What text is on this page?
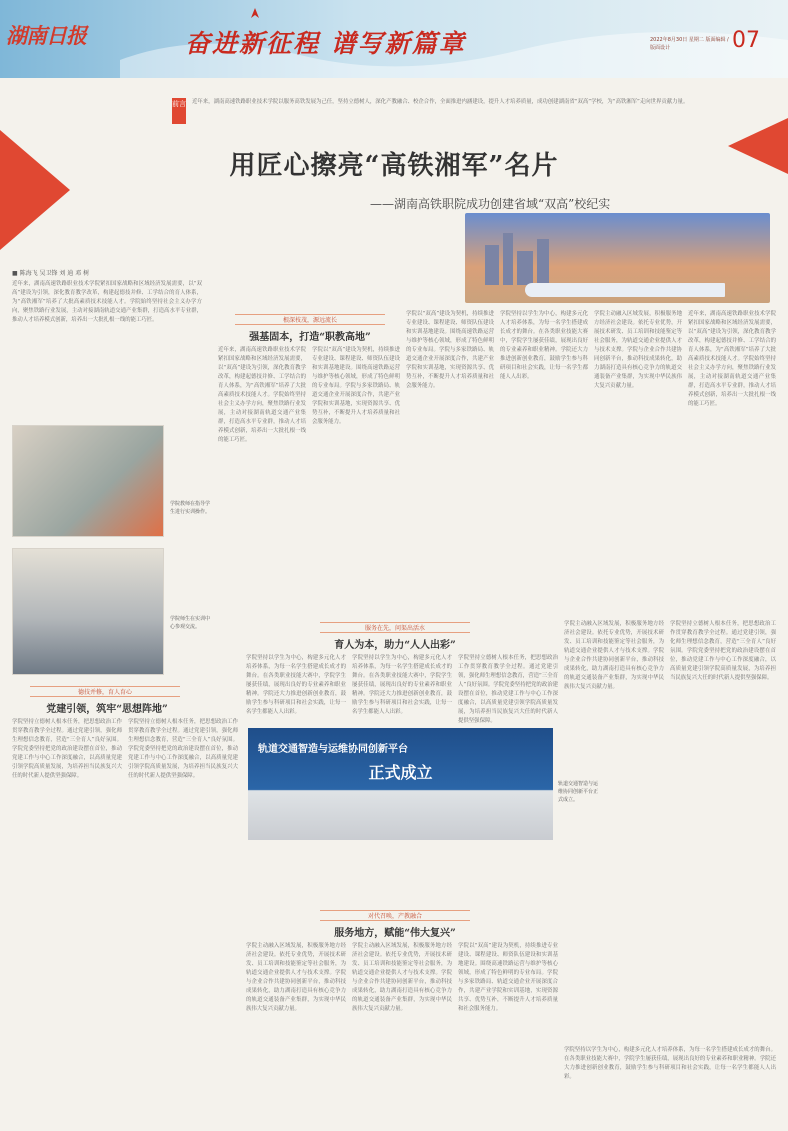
湖南日报	奋进新征程 谱写新篇章	2022年8月30日 星期二 版面编辑 / 版面设计	07
前言 近年来，湖南高速铁路职业技术学院以服务高铁发展为己任，坚持立德树人，深化产教融合、校企合作，全面推进内涵建设，提升人才培养质量，成功创建湖南省“双高”学校，为“高铁湘军”走向世界贡献力量。
用匠心擦亮“高铁湘军”名片
——湖南高铁职院成功创建省域“双高”校纪实
■ 陈海飞 吴卫锋 刘 迪 邓 树
近年来，湖南高速铁路职业技术学院紧扣国家战略和区域经济发展需要，以“双高”建设为引领，深化教育教学改革，构建起德技并修、工学结合的育人体系，为“高铁湘军”培养了大批高素质技术技能人才。学院始终坚持社会主义办学方向，聚焦铁路行业发展，主动对接湖南轨道交通产业集群，打造高水平专业群，推动人才培养模式创新，培养出一大批扎根一线的能工巧匠。
学院教师在指导学生进行实训操作。
学院师生在实训中心参观交流。
德技并修，育人育心
党建引领，筑牢“思想阵地”
学院坚持立德树人根本任务，把思想政治工作贯穿教育教学全过程。通过党建引领，强化师生理想信念教育，营造“三全育人”良好氛围。学院党委坚持把党的政治建设摆在首位，推动党建工作与中心工作深度融合，以高质量党建引领学院高质量发展，为培养担当民族复兴大任的时代新人提供坚强保障。
学院坚持立德树人根本任务，把思想政治工作贯穿教育教学全过程。通过党建引领，强化师生理想信念教育，营造“三全育人”良好氛围。学院党委坚持把党的政治建设摆在首位，推动党建工作与中心工作深度融合，以高质量党建引领学院高质量发展，为培养担当民族复兴大任的时代新人提供坚强保障。
根深枝茂，源远流长
强基固本，打造“职教高地”
近年来，湖南高速铁路职业技术学院紧扣国家战略和区域经济发展需要，以“双高”建设为引领，深化教育教学改革，构建起德技并修、工学结合的育人体系，为“高铁湘军”培养了大批高素质技术技能人才。学院始终坚持社会主义办学方向，聚焦铁路行业发展，主动对接湖南轨道交通产业集群，打造高水平专业群，推动人才培养模式创新，培养出一大批扎根一线的能工巧匠。
学院以“双高”建设为契机，持续推进专业建设、课程建设、师资队伍建设和实训基地建设。围绕高速铁路运营与维护等核心领域，形成了特色鲜明的专业布局。学院与多家铁路局、轨道交通企业开展深度合作，共建产业学院和实训基地，实现资源共享、优势互补，不断提升人才培养质量和社会服务能力。
学院以“双高”建设为契机，持续推进专业建设、课程建设、师资队伍建设和实训基地建设。围绕高速铁路运营与维护等核心领域，形成了特色鲜明的专业布局。学院与多家铁路局、轨道交通企业开展深度合作，共建产业学院和实训基地，实现资源共享、优势互补，不断提升人才培养质量和社会服务能力。
学院坚持以学生为中心，构建多元化人才培养体系，为每一名学生搭建成长成才的舞台。在各类职业技能大赛中，学院学生屡获佳绩，展现出良好的专业素养和职业精神。学院还大力推进创新创业教育，鼓励学生参与科研项目和社会实践，让每一名学生都能人人出彩。
学院主动融入区域发展，积极服务地方经济社会建设。依托专业优势，开展技术研发、员工培训和技能鉴定等社会服务，为轨道交通企业提供人才与技术支撑。学院与企业合作共建协同创新平台，推动科技成果转化，助力湖南打造具有核心竞争力的轨道交通装备产业集群，为实现中华民族伟大复兴贡献力量。
近年来，湖南高速铁路职业技术学院紧扣国家战略和区域经济发展需要，以“双高”建设为引领，深化教育教学改革，构建起德技并修、工学结合的育人体系，为“高铁湘军”培养了大批高素质技术技能人才。学院始终坚持社会主义办学方向，聚焦铁路行业发展，主动对接湖南轨道交通产业集群，打造高水平专业群，推动人才培养模式创新，培养出一大批扎根一线的能工巧匠。
服务在先，问渠出活水
育人为本，助力“人人出彩”
学院坚持以学生为中心，构建多元化人才培养体系，为每一名学生搭建成长成才的舞台。在各类职业技能大赛中，学院学生屡获佳绩，展现出良好的专业素养和职业精神。学院还大力推进创新创业教育，鼓励学生参与科研项目和社会实践，让每一名学生都能人人出彩。
学院坚持以学生为中心，构建多元化人才培养体系，为每一名学生搭建成长成才的舞台。在各类职业技能大赛中，学院学生屡获佳绩，展现出良好的专业素养和职业精神。学院还大力推进创新创业教育，鼓励学生参与科研项目和社会实践，让每一名学生都能人人出彩。
学院坚持立德树人根本任务，把思想政治工作贯穿教育教学全过程。通过党建引领，强化师生理想信念教育，营造“三全育人”良好氛围。学院党委坚持把党的政治建设摆在首位，推动党建工作与中心工作深度融合，以高质量党建引领学院高质量发展，为培养担当民族复兴大任的时代新人提供坚强保障。
学院主动融入区域发展，积极服务地方经济社会建设。依托专业优势，开展技术研发、员工培训和技能鉴定等社会服务，为轨道交通企业提供人才与技术支撑。学院与企业合作共建协同创新平台，推动科技成果转化，助力湖南打造具有核心竞争力的轨道交通装备产业集群，为实现中华民族伟大复兴贡献力量。
学院坚持立德树人根本任务，把思想政治工作贯穿教育教学全过程。通过党建引领，强化师生理想信念教育，营造“三全育人”良好氛围。学院党委坚持把党的政治建设摆在首位，推动党建工作与中心工作深度融合，以高质量党建引领学院高质量发展，为培养担当民族复兴大任的时代新人提供坚强保障。
轨道交通智造与运维协同创新平台
正式成立
轨道交通智造与运维协同创新平台正式成立。
对代召唤，产教融合
服务地方，赋能“伟大复兴”
学院主动融入区域发展，积极服务地方经济社会建设。依托专业优势，开展技术研发、员工培训和技能鉴定等社会服务，为轨道交通企业提供人才与技术支撑。学院与企业合作共建协同创新平台，推动科技成果转化，助力湖南打造具有核心竞争力的轨道交通装备产业集群，为实现中华民族伟大复兴贡献力量。
学院主动融入区域发展，积极服务地方经济社会建设。依托专业优势，开展技术研发、员工培训和技能鉴定等社会服务，为轨道交通企业提供人才与技术支撑。学院与企业合作共建协同创新平台，推动科技成果转化，助力湖南打造具有核心竞争力的轨道交通装备产业集群，为实现中华民族伟大复兴贡献力量。
学院以“双高”建设为契机，持续推进专业建设、课程建设、师资队伍建设和实训基地建设。围绕高速铁路运营与维护等核心领域，形成了特色鲜明的专业布局。学院与多家铁路局、轨道交通企业开展深度合作，共建产业学院和实训基地，实现资源共享、优势互补，不断提升人才培养质量和社会服务能力。
学院坚持以学生为中心，构建多元化人才培养体系，为每一名学生搭建成长成才的舞台。在各类职业技能大赛中，学院学生屡获佳绩，展现出良好的专业素养和职业精神。学院还大力推进创新创业教育，鼓励学生参与科研项目和社会实践，让每一名学生都能人人出彩。
